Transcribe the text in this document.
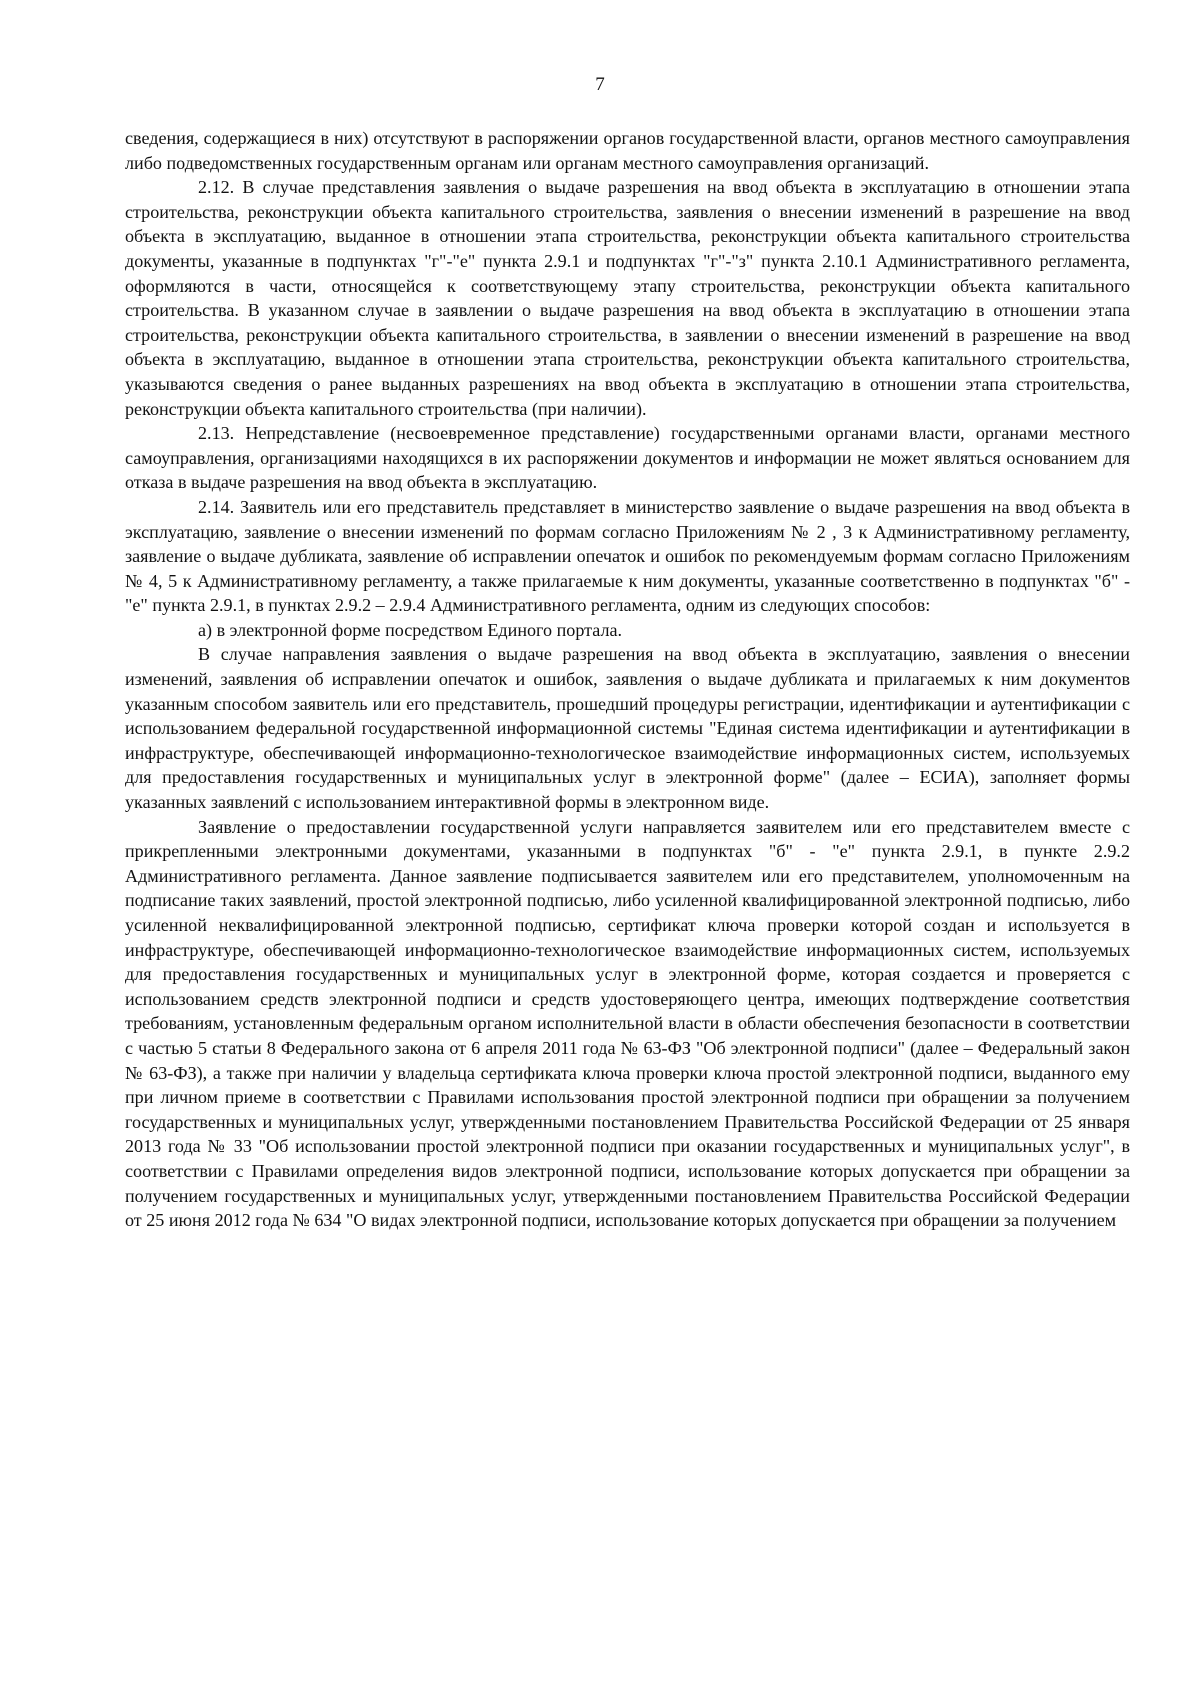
7

сведения, содержащиеся в них) отсутствуют в распоряжении органов государственной власти, органов местного самоуправления либо подведомственных государственным органам или органам местного самоуправления организаций.

2.12. В случае представления заявления о выдаче разрешения на ввод объекта в эксплуатацию в отношении этапа строительства, реконструкции объекта капитального строительства, заявления о внесении изменений в разрешение на ввод объекта в эксплуатацию, выданное в отношении этапа строительства, реконструкции объекта капитального строительства документы, указанные в подпунктах "г"-"е" пункта 2.9.1 и подпунктах "г"-"з" пункта 2.10.1 Административного регламента, оформляются в части, относящейся к соответствующему этапу строительства, реконструкции объекта капитального строительства. В указанном случае в заявлении о выдаче разрешения на ввод объекта в эксплуатацию в отношении этапа строительства, реконструкции объекта капитального строительства, в заявлении о внесении изменений в разрешение на ввод объекта в эксплуатацию, выданное в отношении этапа строительства, реконструкции объекта капитального строительства, указываются сведения о ранее выданных разрешениях на ввод объекта в эксплуатацию в отношении этапа строительства, реконструкции объекта капитального строительства (при наличии).

2.13. Непредставление (несвоевременное представление) государственными органами власти, органами местного самоуправления, организациями находящихся в их распоряжении документов и информации не может являться основанием для отказа в выдаче разрешения на ввод объекта в эксплуатацию.

2.14. Заявитель или его представитель представляет в министерство заявление о выдаче разрешения на ввод объекта в эксплуатацию, заявление о внесении изменений по формам согласно Приложениям № 2 , 3 к Административному регламенту, заявление о выдаче дубликата, заявление об исправлении опечаток и ошибок по рекомендуемым формам согласно Приложениям № 4, 5 к Административному регламенту, а также прилагаемые к ним документы, указанные соответственно в подпунктах "б" - "е" пункта 2.9.1, в пунктах 2.9.2 – 2.9.4 Административного регламента, одним из следующих способов:

а) в электронной форме посредством Единого портала.

В случае направления заявления о выдаче разрешения на ввод объекта в эксплуатацию, заявления о внесении изменений, заявления об исправлении опечаток и ошибок, заявления о выдаче дубликата и прилагаемых к ним документов указанным способом заявитель или его представитель, прошедший процедуры регистрации, идентификации и аутентификации с использованием федеральной государственной информационной системы "Единая система идентификации и аутентификации в инфраструктуре, обеспечивающей информационно-технологическое взаимодействие информационных систем, используемых для предоставления государственных и муниципальных услуг в электронной форме" (далее – ЕСИА), заполняет формы указанных заявлений с использованием интерактивной формы в электронном виде.

Заявление о предоставлении государственной услуги направляется заявителем или его представителем вместе с прикрепленными электронными документами, указанными в подпунктах "б" - "е" пункта 2.9.1, в пункте 2.9.2 Административного регламента. Данное заявление подписывается заявителем или его представителем, уполномоченным на подписание таких заявлений, простой электронной подписью, либо усиленной квалифицированной электронной подписью, либо усиленной неквалифицированной электронной подписью, сертификат ключа проверки которой создан и используется в инфраструктуре, обеспечивающей информационно-технологическое взаимодействие информационных систем, используемых для предоставления государственных и муниципальных услуг в электронной форме, которая создается и проверяется с использованием средств электронной подписи и средств удостоверяющего центра, имеющих подтверждение соответствия требованиям, установленным федеральным органом исполнительной власти в области обеспечения безопасности в соответствии с частью 5 статьи 8 Федерального закона от 6 апреля 2011 года № 63-ФЗ "Об электронной подписи" (далее – Федеральный закон № 63-ФЗ), а также при наличии у владельца сертификата ключа проверки ключа простой электронной подписи, выданного ему при личном приеме в соответствии с Правилами использования простой электронной подписи при обращении за получением государственных и муниципальных услуг, утвержденными постановлением Правительства Российской Федерации от 25 января 2013 года № 33 "Об использовании простой электронной подписи при оказании государственных и муниципальных услуг", в соответствии с Правилами определения видов электронной подписи, использование которых допускается при обращении за получением государственных и муниципальных услуг, утвержденными постановлением Правительства Российской Федерации от 25 июня 2012 года № 634 "О видах электронной подписи, использование которых допускается при обращении за получением
